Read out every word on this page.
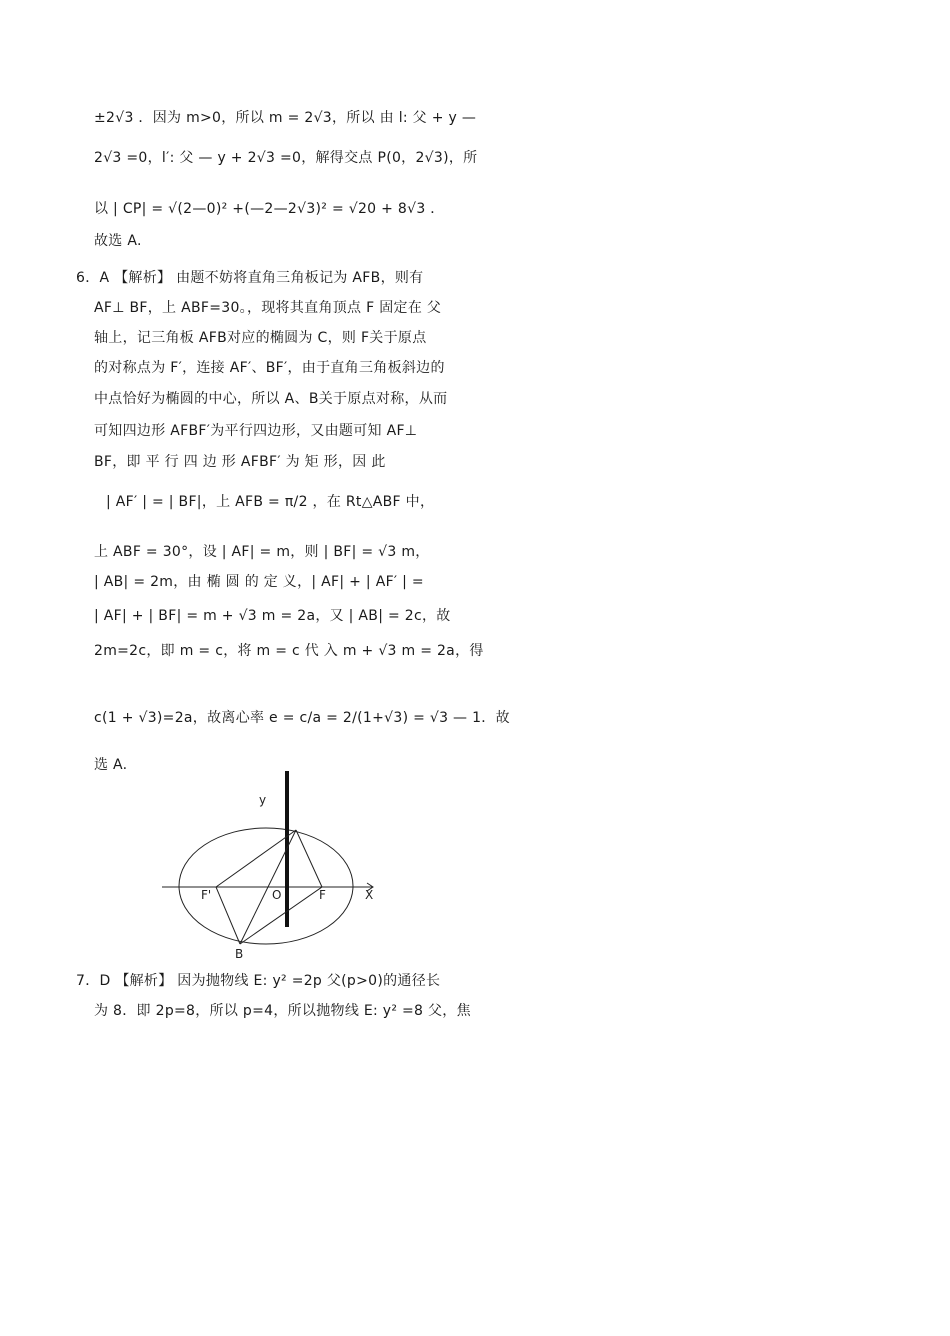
±2√3 ．因为 m>0，所以 m = 2√3，所以 由 l: 父 + y —
2√3 =0，l′: 父 — y + 2√3 =0，解得交点 P(0，2√3)，所
以 | CP| = √(2—0)² +(—2—2√3)² = √20 + 8√3 ．
故选 A.
6．A 【解析】 由题不妨将直角三角板记为 AFB，则有
AF⊥ BF，上 ABF=30。，现将其直角顶点 F 固定在 父
轴上，记三角板 AFB对应的椭圆为 C，则 F关于原点
的对称点为 F′，连接 AF′、BF′，由于直角三角板斜边的
中点恰好为椭圆的中心，所以 A、B关于原点对称，从而
可知四边形 AFBF′为平行四边形，又由题可知 AF⊥
BF，即 平 行 四 边 形 AFBF′ 为 矩 形，因 此
| AF′ | = | BF|，上 AFB = π/2 ，在 Rt△ABF 中，
上 ABF = 30°，设 | AF| = m，则 | BF| = √3 m，
| AB| = 2m，由 椭 圆 的 定 义，| AF| + | AF′ | =
| AF| + | BF| = m + √3 m = 2a，又 | AB| = 2c，故
2m=2c，即 m = c，将 m = c 代 入 m + √3 m = 2a，得
c(1 + √3)=2a，故离心率 e = c/a = 2/(1+√3) = √3 — 1．故
选 A.
7．D 【解析】 因为抛物线 E: y² =2p 父(p>0)的通径长
为 8．即 2p=8，所以 p=4，所以抛物线 E: y² =8 父，焦
y
X
O	F
F'
B
